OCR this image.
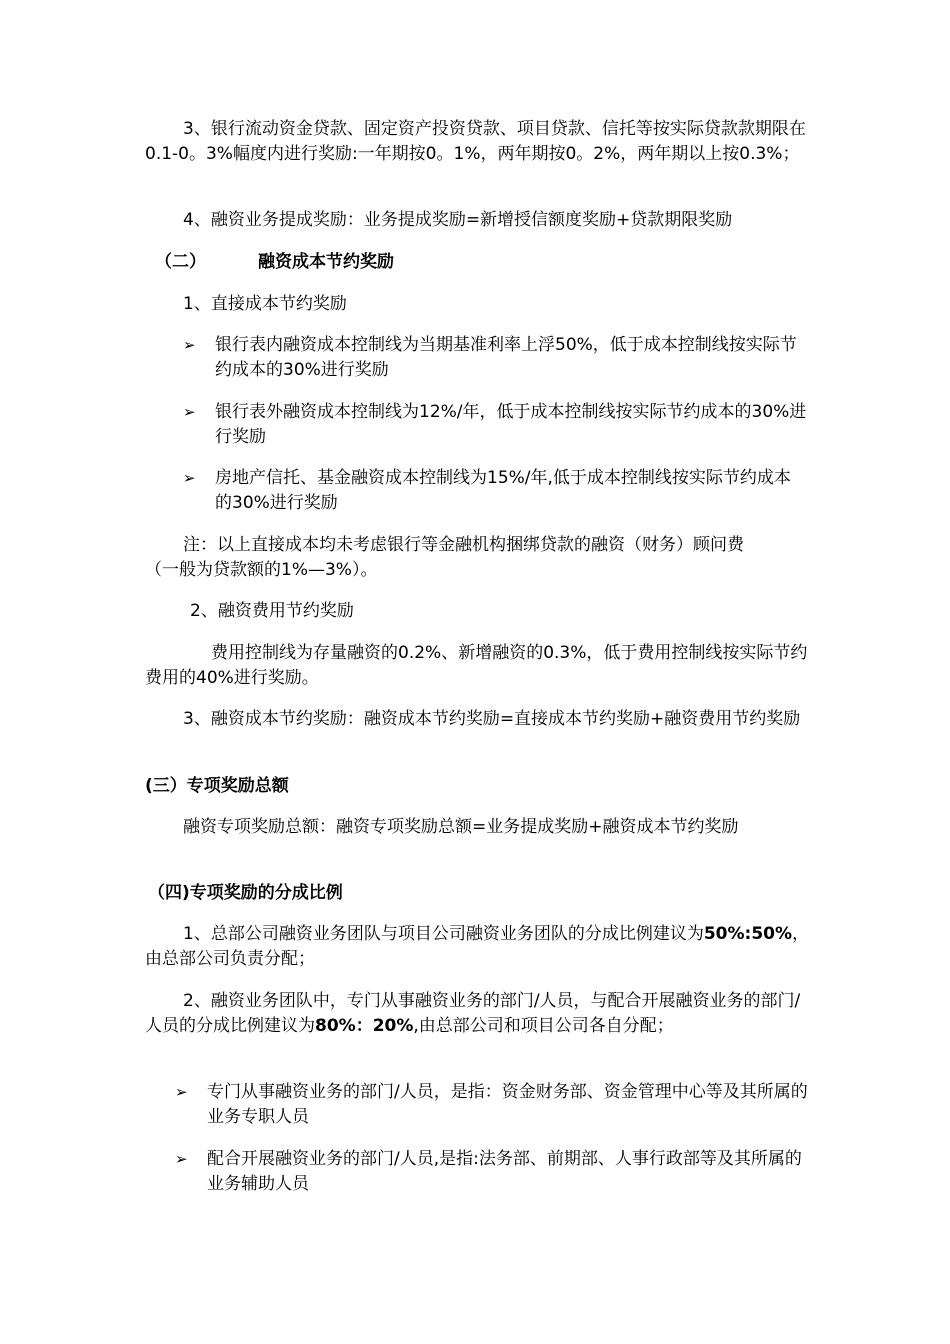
3、银行流动资金贷款、固定资产投资贷款、项目贷款、信托等按实际贷款款期限在0.1-0。3%幅度内进行奖励:一年期按0。1%，两年期按0。2%，两年期以上按0.3%；

4、融资业务提成奖励：业务提成奖励=新增授信额度奖励+贷款期限奖励

（二）	融资成本节约奖励

1、直接成本节约奖励

➢ 银行表内融资成本控制线为当期基准利率上浮50%，低于成本控制线按实际节约成本的30%进行奖励

➢ 银行表外融资成本控制线为12%/年，低于成本控制线按实际节约成本的30%进行奖励

➢ 房地产信托、基金融资成本控制线为15%/年,低于成本控制线按实际节约成本的30%进行奖励

注：以上直接成本均未考虑银行等金融机构捆绑贷款的融资（财务）顾问费（一般为贷款额的1%—3%）。

2、融资费用节约奖励

费用控制线为存量融资的0.2%、新增融资的0.3%，低于费用控制线按实际节约费用的40%进行奖励。

3、融资成本节约奖励：融资成本节约奖励=直接成本节约奖励+融资费用节约奖励

(三）专项奖励总额

融资专项奖励总额：融资专项奖励总额=业务提成奖励+融资成本节约奖励

（四)专项奖励的分成比例

1、总部公司融资业务团队与项目公司融资业务团队的分成比例建议为50%:50%，由总部公司负责分配；

2、融资业务团队中，专门从事融资业务的部门/人员，与配合开展融资业务的部门/人员的分成比例建议为80%：20%,由总部公司和项目公司各自分配；

➢ 专门从事融资业务的部门/人员，是指：资金财务部、资金管理中心等及其所属的业务专职人员

➢ 配合开展融资业务的部门/人员,是指:法务部、前期部、人事行政部等及其所属的业务辅助人员
